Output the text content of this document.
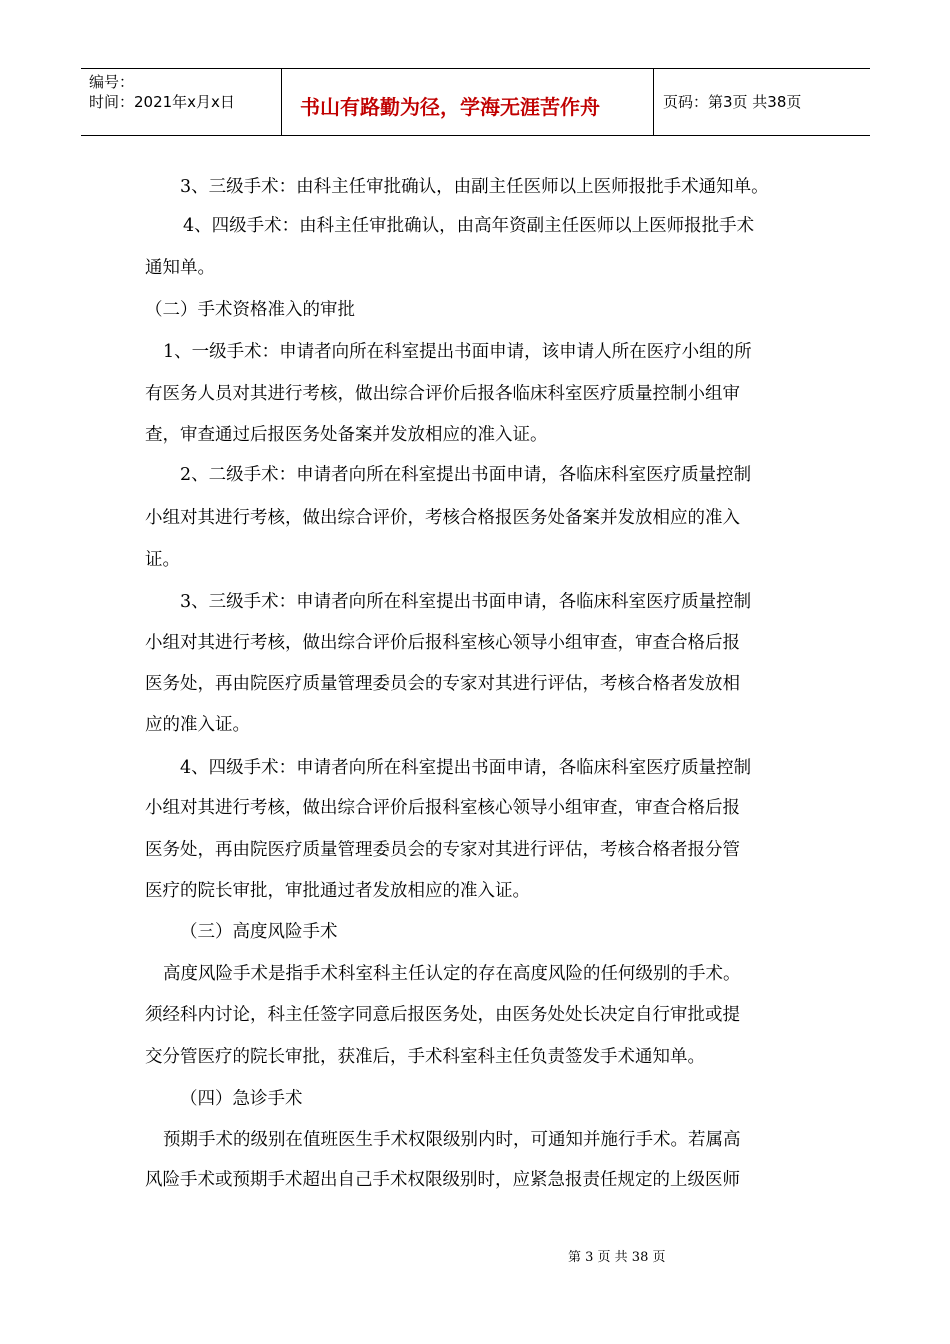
编号：
时间：2021年x月x日	书山有路勤为径，学海无涯苦作舟	页码：第3页 共38页
3、三级手术：由科主任审批确认，由副主任医师以上医师报批手术通知单。
4、四级手术：由科主任审批确认，由高年资副主任医师以上医师报批手术
通知单。
（二）手术资格准入的审批
1、一级手术：申请者向所在科室提出书面申请，该申请人所在医疗小组的所
有医务人员对其进行考核，做出综合评价后报各临床科室医疗质量控制小组审
查，审查通过后报医务处备案并发放相应的准入证。
2、二级手术：申请者向所在科室提出书面申请，各临床科室医疗质量控制
小组对其进行考核，做出综合评价，考核合格报医务处备案并发放相应的准入
证。
3、三级手术：申请者向所在科室提出书面申请，各临床科室医疗质量控制
小组对其进行考核，做出综合评价后报科室核心领导小组审查，审查合格后报
医务处，再由院医疗质量管理委员会的专家对其进行评估，考核合格者发放相
应的准入证。
4、四级手术：申请者向所在科室提出书面申请，各临床科室医疗质量控制
小组对其进行考核，做出综合评价后报科室核心领导小组审查，审查合格后报
医务处，再由院医疗质量管理委员会的专家对其进行评估，考核合格者报分管
医疗的院长审批，审批通过者发放相应的准入证。
（三）高度风险手术
高度风险手术是指手术科室科主任认定的存在高度风险的任何级别的手术。
须经科内讨论，科主任签字同意后报医务处，由医务处处长决定自行审批或提
交分管医疗的院长审批，获准后，手术科室科主任负责签发手术通知单。
（四）急诊手术
预期手术的级别在值班医生手术权限级别内时，可通知并施行手术。若属高
风险手术或预期手术超出自己手术权限级别时，应紧急报责任规定的上级医师
第 3 页 共 38 页
